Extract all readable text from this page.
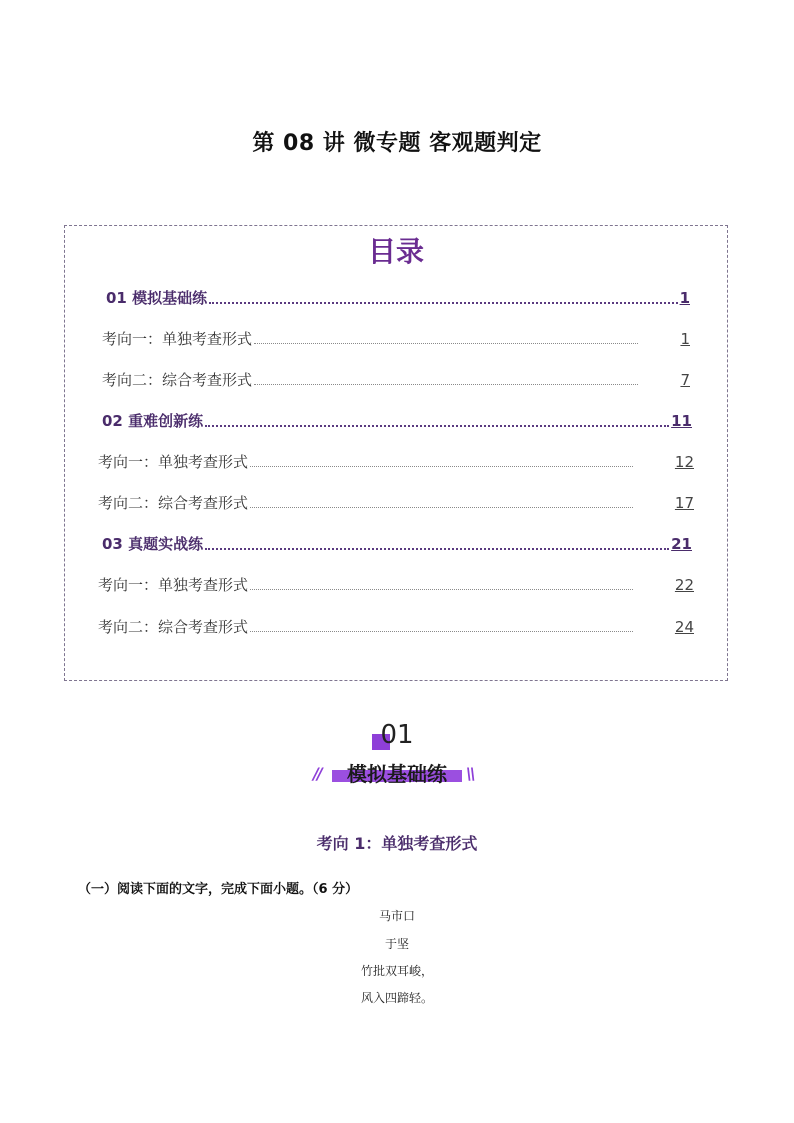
第 08 讲 微专题 客观题判定
目录
01 模拟基础练	1
考向一：单独考查形式	1
考向二：综合考查形式	7
02 重难创新练	11
考向一：单独考查形式	12
考向二：综合考查形式	17
03 真题实战练	21
考向一：单独考查形式	22
考向二：综合考查形式	24
01
//	\\
模拟基础练
考向 1：单独考查形式
（一）阅读下面的文字，完成下面小题。（6 分）
马市口
于坚
竹批双耳峻，
风入四蹄轻。
